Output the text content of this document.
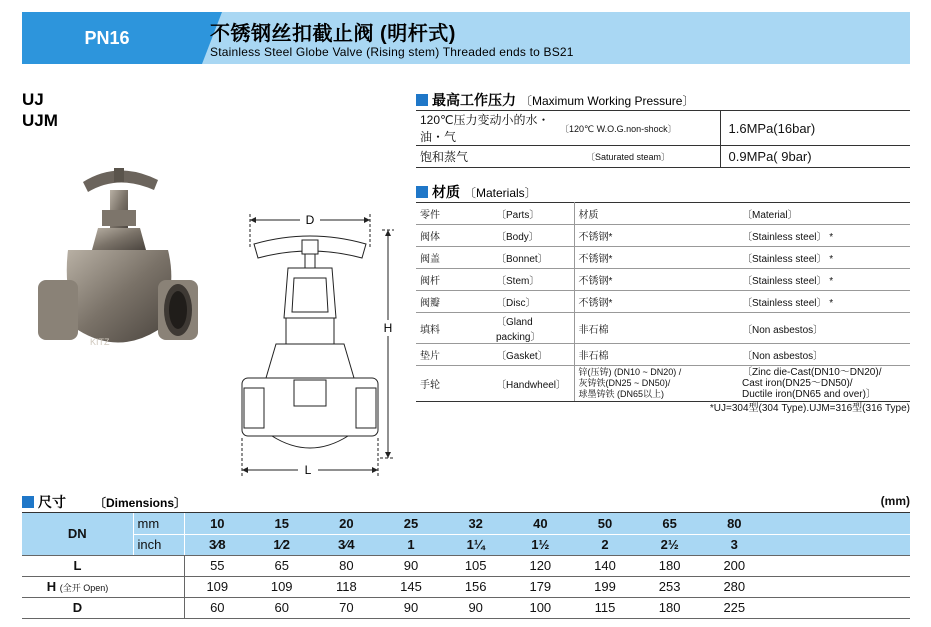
PN16	不锈钢丝扣截止阀 (明杆式)
Stainless Steel Globe Valve (Rising stem) Threaded ends to BS21
UJ
UJM
KITZ
D
L
H
最高工作压力 〔Maximum Working Pressure〕
120℃压力变动小的水・油・气	〔120℃ W.O.G.non-shock〕	1.6MPa(16bar)
饱和蒸气	〔Saturated steam〕	0.9MPa( 9bar)
材质 〔Materials〕
零件	〔Parts〕	材质	〔Material〕
阀体	〔Body〕	不锈钢*	〔Stainless steel〕 *
阀盖	〔Bonnet〕	不锈钢*	〔Stainless steel〕 *
阀杆	〔Stem〕	不锈钢*	〔Stainless steel〕 *
阀瓣	〔Disc〕	不锈钢*	〔Stainless steel〕 *
填料	〔Gland packing〕	非石棉	〔Non asbestos〕
垫片	〔Gasket〕	非石棉	〔Non asbestos〕
手轮	〔Handwheel〕	锌(压铸) (DN10 ~ DN20) /
灰铸铁(DN25 ~ DN50)/
球墨铸铁 (DN65以上)	〔Zinc die-Cast(DN10～DN20)/
Cast iron(DN25～DN50)/
Ductile iron(DN65 and over)〕
*UJ=304型(304 Type).UJM=316型(316 Type)
尺寸 〔Dimensions〕	(mm)
DN	mm	10	15	20	25	32	40	50	65	80	
	inch	3⁄8	1⁄2	3⁄4	1	1¼	1½	2	2½	3	
L		55	65	80	90	105	120	140	180	200	
H (全开 Open)		109	109	118	145	156	179	199	253	280	
D		60	60	70	90	90	100	115	180	225	
